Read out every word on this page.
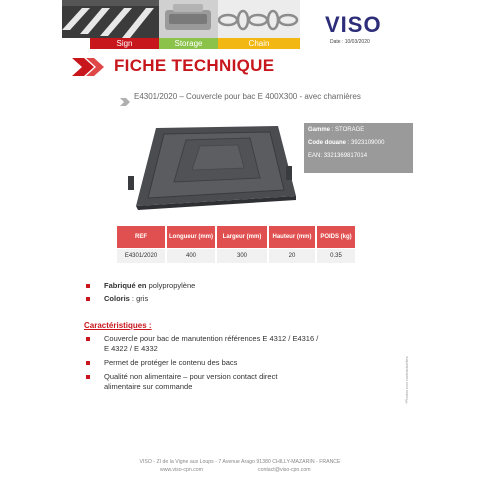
Sign	Storage	Chain
VISO
Date : 10/03/2020
FICHE TECHNIQUE
E4301/2020 – Couvercle pour bac E 400X300 - avec charnières
Gamme : STORAGE
Code douane : 3923109000
EAN: 3321369817014
REF	Longueur (mm)	Largeur (mm)	Hauteur (mm)	POIDS (kg)
E4301/2020	400	300	20	0.35
Fabriqué en polypropylène
Coloris : gris
Caractéristiques :
Couvercle pour bac de manutention références E 4312 / E4316 /
E 4322 / E 4332
Permet de protéger le contenu des bacs
Qualité non alimentaire – pour version contact direct
alimentaire sur commande	*Photos non contractuelles
VISO - ZI de la Vigne aux Loups - 7 Avenue Arago 91380 CHILLY-MAZARIN - FRANCE
www.viso-cpn.com	contact@viso-cpn.com
